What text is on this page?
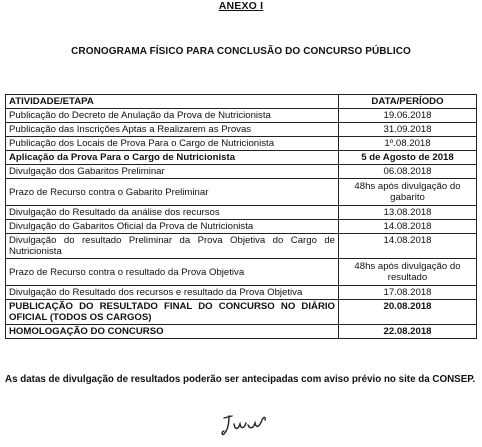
ANEXO I
CRONOGRAMA FÍSICO PARA CONCLUSÃO DO CONCURSO PÚBLICO
ATIVIDADE/ETAPA	DATA/PERÍODO
Publicação do Decreto de Anulação da Prova de Nutricionista	19.06.2018
Publicação das Inscrições Aptas a Realizarem as Provas	31.09.2018
Publicação dos Locais de Prova Para o Cargo de Nutricionista	1º.08.2018
Aplicação da Prova Para o Cargo de Nutricionista	5 de Agosto de 2018
Divulgação dos Gabaritos Preliminar	06.08.2018
Prazo de Recurso contra o Gabarito Preliminar	48hs após divulgação do gabarito
Divulgação do Resultado da análise dos recursos	13.08.2018
Divulgação do Gabaritos Oficial da Prova de Nutricionista	14.08.2018
Divulgação do resultado Preliminar da Prova Objetiva do Cargo de Nutricionista	14.08.2018
Prazo de Recurso contra o resultado da Prova Objetiva	48hs após divulgação do resultado
Divulgação do Resultado dos recursos e resultado da Prova Objetiva	17.08.2018
PUBLICAÇÃO DO RESULTADO FINAL DO CONCURSO NO DIÁRIO OFICIAL (TODOS OS CARGOS)	20.08.2018
HOMOLOGAÇÃO DO CONCURSO	22.08.2018
As datas de divulgação de resultados poderão ser antecipadas com aviso prévio no site da CONSEP.
